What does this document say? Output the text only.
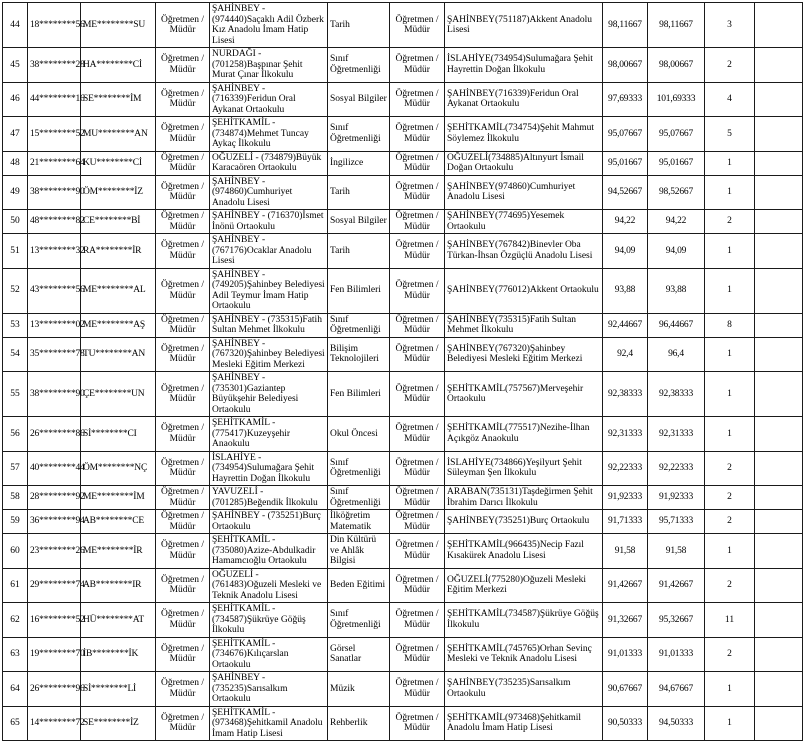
44	18********56	ME********SU	Öğretmen / Müdür	ŞAHİNBEY - (974440)Saçaklı Adil Özberk Kız Anadolu İmam Hatip Lisesi	Tarih	Öğretmen / Müdür	ŞAHİNBEY(751187)Akkent Anadolu Lisesi	98,11667	98,11667	3	
45	38********28	HA********Cİ	Öğretmen / Müdür	NURDAĞI - (701258)Başpınar Şehit Murat Çınar İlkokulu	Sınıf Öğretmenliği	Öğretmen / Müdür	İSLAHİYE(734954)Sulumağara Şehit Hayrettin Doğan İlkokulu	98,00667	98,00667	2	
46	44********16	SE********İM	Öğretmen / Müdür	ŞAHİNBEY - (716339)Feridun Oral Aykanat Ortaokulu	Sosyal Bilgiler	Öğretmen / Müdür	ŞAHİNBEY(716339)Feridun Oral Aykanat Ortaokulu	97,69333	101,69333	4	
47	15********52	MU********AN	Öğretmen / Müdür	ŞEHİTKAMİL - (734874)Mehmet Tuncay Aykaç İlkokulu	Sınıf Öğretmenliği	Öğretmen / Müdür	ŞEHİTKAMİL(734754)Şehit Mahmut Söylemez İlkokulu	95,07667	95,07667	5	
48	21********64	KU********Cİ	Öğretmen / Müdür	OĞUZELİ - (734879)Büyük Karacaören Ortaokulu	İngilizce	Öğretmen / Müdür	OĞUZELİ(734885)Altınyurt İsmail Doğan Ortaokulu	95,01667	95,01667	1	
49	38********90	ÖM********İZ	Öğretmen / Müdür	ŞAHİNBEY - (974860)Cumhuriyet Anadolu Lisesi	Tarih	Öğretmen / Müdür	ŞAHİNBEY(974860)Cumhuriyet Anadolu Lisesi	94,52667	98,52667	1	
50	48********82	CE********Bİ	Öğretmen / Müdür	ŞAHİNBEY - (716370)İsmet İnönü Ortaokulu	Sosyal Bilgiler	Öğretmen / Müdür	ŞAHİNBEY(774695)Yesemek Ortaokulu	94,22	94,22	2	
51	13********32	RA********İR	Öğretmen / Müdür	ŞAHİNBEY - (767176)Ocaklar Anadolu Lisesi	Tarih	Öğretmen / Müdür	ŞAHİNBEY(767842)Binevler Oba Türkan-İhsan Özgüçlü Anadolu Lisesi	94,09	94,09	1	
52	43********56	ME********AL	Öğretmen / Müdür	ŞAHİNBEY - (749205)Şahinbey Belediyesi Adil Teymur İmam Hatip Ortaokulu	Fen Bilimleri	Öğretmen / Müdür	ŞAHİNBEY(776012)Akkent Ortaokulu	93,88	93,88	1	
53	13********02	ME********AŞ	Öğretmen / Müdür	ŞAHİNBEY - (735315)Fatih Sultan Mehmet İlkokulu	Sınıf Öğretmenliği	Öğretmen / Müdür	ŞAHİNBEY(735315)Fatih Sultan Mehmet İlkokulu	92,44667	96,44667	8	
54	35********78	TU********AN	Öğretmen / Müdür	ŞAHİNBEY - (767320)Şahinbey Belediyesi Mesleki Eğitim Merkezi	Bilişim Teknolojileri	Öğretmen / Müdür	ŞAHİNBEY(767320)Şahinbey Belediyesi Mesleki Eğitim Merkezi	92,4	96,4	1	
55	38********90	ÇE********UN	Öğretmen / Müdür	ŞAHİNBEY - (735301)Gaziantep Büyükşehir Belediyesi Ortaokulu	Fen Bilimleri	Öğretmen / Müdür	ŞEHİTKAMİL(757567)Merveşehir Ortaokulu	92,38333	92,38333	1	
56	26********86	Sİ********CI	Öğretmen / Müdür	ŞEHİTKAMİL - (775417)Kuzeyşehir Anaokulu	Okul Öncesi	Öğretmen / Müdür	ŞEHİTKAMİL(775517)Nezihe-İlhan Açıkgöz Anaokulu	92,31333	92,31333	1	
57	40********44	ÖM********NÇ	Öğretmen / Müdür	İSLAHİYE - (734954)Sulumağara Şehit Hayrettin Doğan İlkokulu	Sınıf Öğretmenliği	Öğretmen / Müdür	İSLAHİYE(734866)Yeşilyurt Şehit Süleyman Şen İlkokulu	92,22333	92,22333	2	
58	28********92	ME********İM	Öğretmen / Müdür	YAVUZELİ - (701285)Beğendik İlkokulu	Sınıf Öğretmenliği	Öğretmen / Müdür	ARABAN(735131)Taşdeğirmen Şehit İbrahim Darıcı İlkokulu	91,92333	91,92333	2	
59	36********94	AB********CE	Öğretmen / Müdür	ŞAHİNBEY - (735251)Burç Ortaokulu	İlköğretim Matematik	Öğretmen / Müdür	ŞAHİNBEY(735251)Burç Ortaokulu	91,71333	95,71333	2	
60	23********26	ME********İR	Öğretmen / Müdür	ŞEHİTKAMİL - (735080)Azize-Abdulkadir Hamamcıoğlu Ortaokulu	Din Kültürü ve Ahlâk Bilgisi	Öğretmen / Müdür	ŞEHİTKAMİL(966435)Necip Fazıl Kısakürek Anadolu Lisesi	91,58	91,58	1	
61	29********74	AB********IR	Öğretmen / Müdür	OĞUZELİ - (761483)Oğuzeli Mesleki ve Teknik Anadolu Lisesi	Beden Eğitimi	Öğretmen / Müdür	OĞUZELİ(775280)Oğuzeli Mesleki Eğitim Merkezi	91,42667	91,42667	2	
62	16********52	HÜ********AT	Öğretmen / Müdür	ŞEHİTKAMİL - (734587)Şükrüye Göğüş İlkokulu	Sınıf Öğretmenliği	Öğretmen / Müdür	ŞEHİTKAMİL(734587)Şükrüye Göğüş İlkokulu	91,32667	95,32667	11	
63	19********70	İB********İK	Öğretmen / Müdür	ŞEHİTKAMİL - (734676)Kılıçarslan Ortaokulu	Görsel Sanatlar	Öğretmen / Müdür	ŞEHİTKAMİL(745765)Orhan Sevinç Mesleki ve Teknik Anadolu Lisesi	91,01333	91,01333	2	
64	26********96	Sİ********Lİ	Öğretmen / Müdür	ŞAHİNBEY - (735235)Sarısalkım Ortaokulu	Müzik	Öğretmen / Müdür	ŞAHİNBEY(735235)Sarısalkım Ortaokulu	90,67667	94,67667	1	
65	14********72	SE********İZ	Öğretmen / Müdür	ŞEHİTKAMİL - (973468)Şehitkamil Anadolu İmam Hatip Lisesi	Rehberlik	Öğretmen / Müdür	ŞEHİTKAMİL(973468)Şehitkamil Anadolu İmam Hatip Lisesi	90,50333	94,50333	1	
